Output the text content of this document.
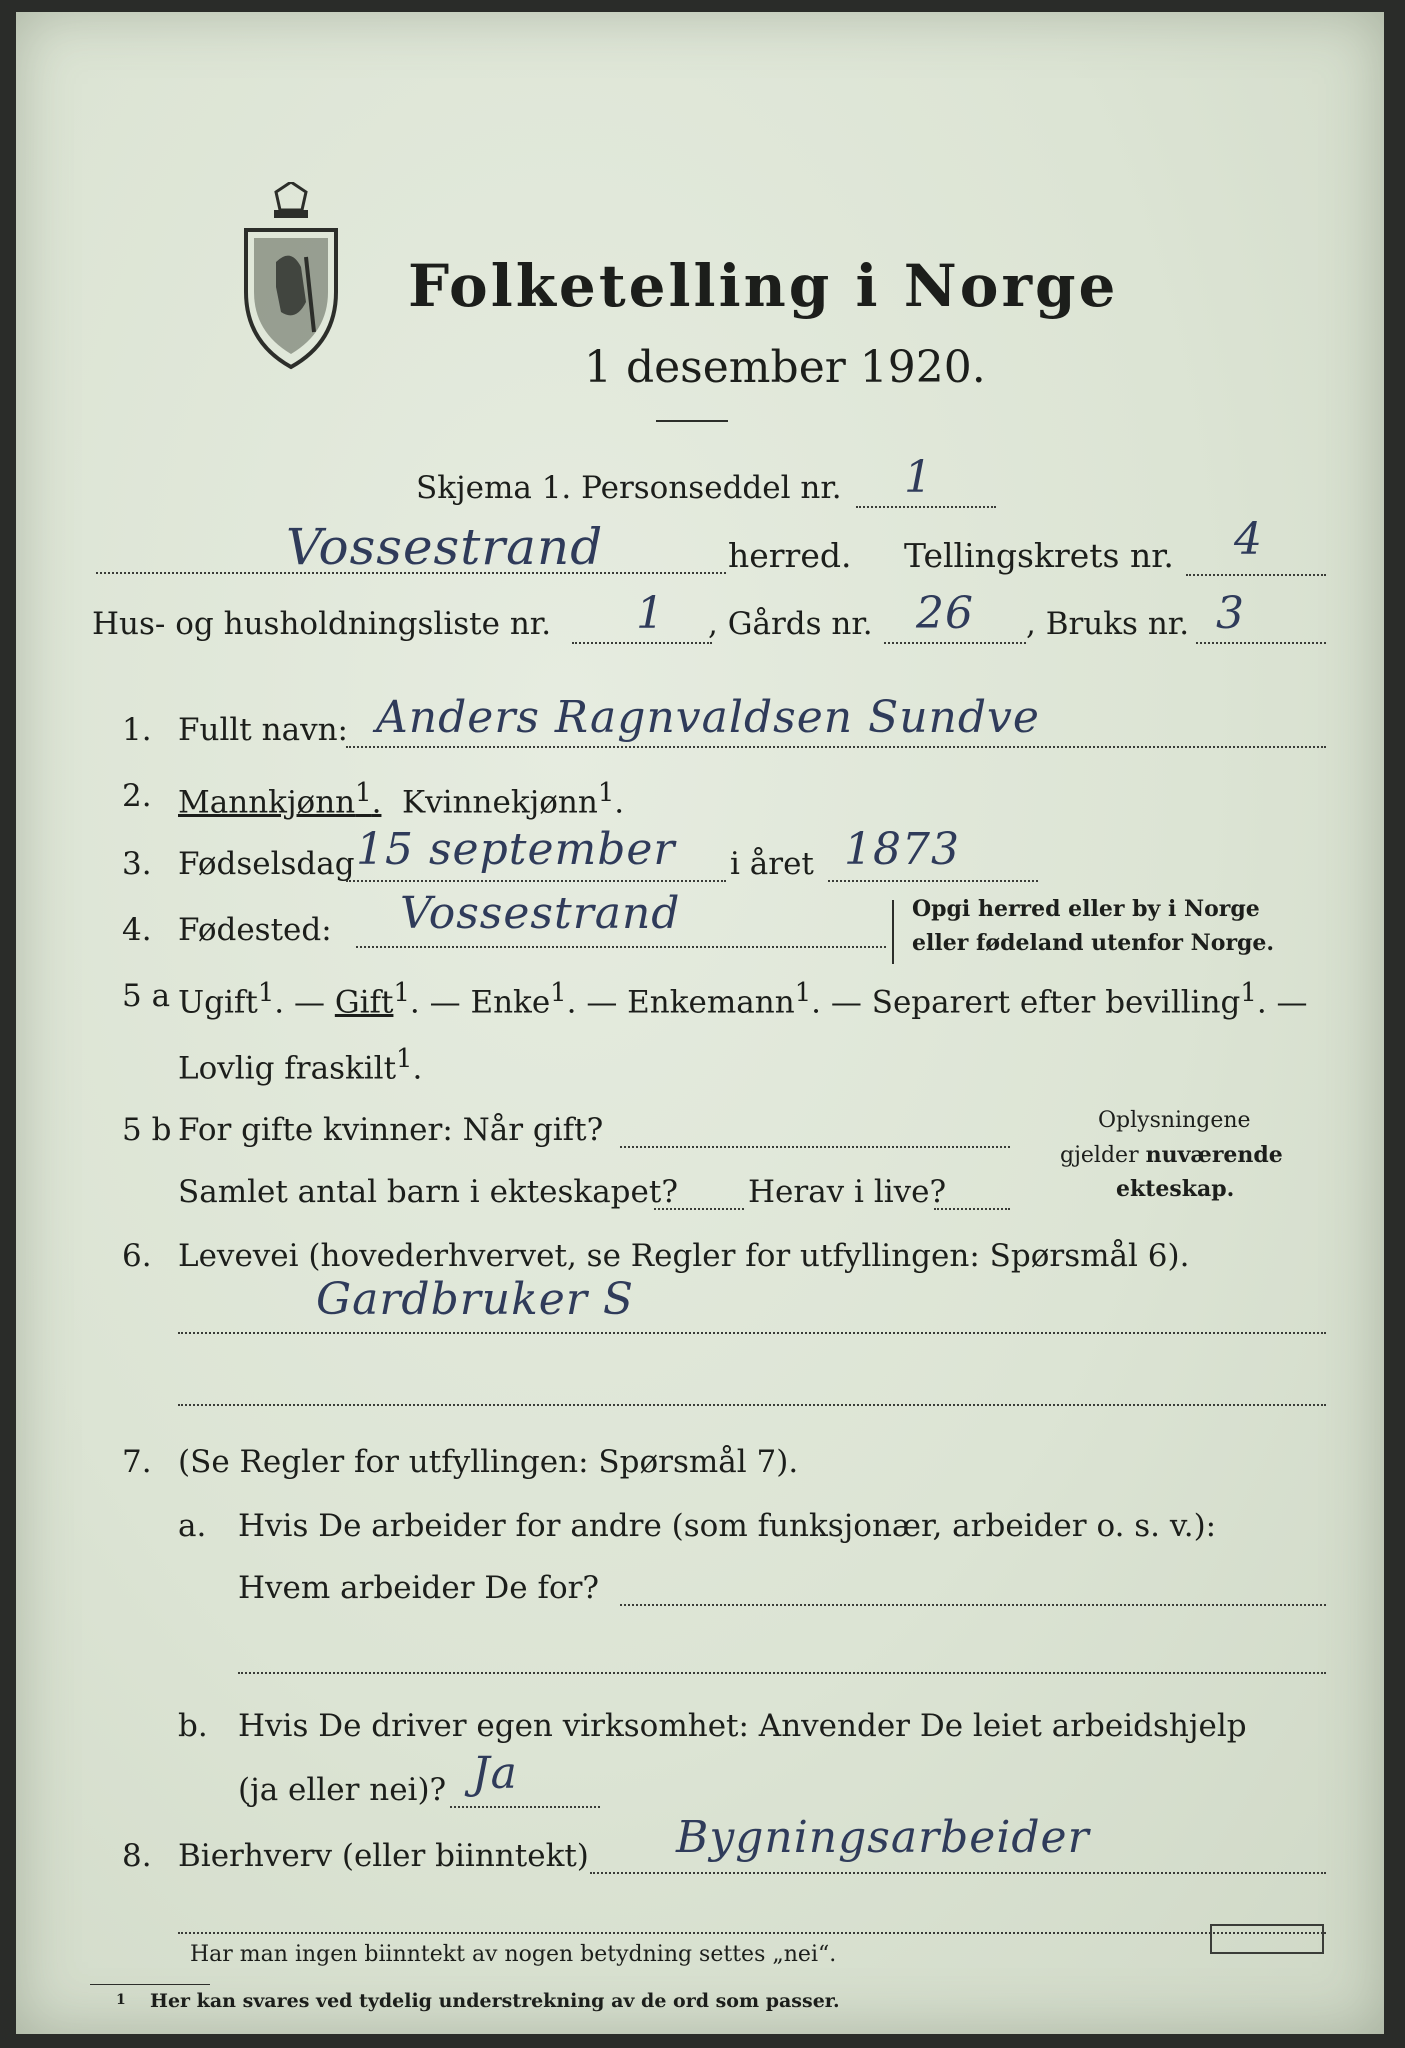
Folketelling i Norge
1 desember 1920.
Skjema 1. Personseddel nr. 1
Vossestrand	herred. Tellingskrets nr. 4
Hus- og husholdningsliste nr. 1 , Gårds nr. 26 , Bruks nr. 3
1. Fullt navn: Anders Ragnvaldsen Sundve
2. Mannkjønn$^1$. Kvinnekjønn$^1$.
3. Fødselsdag 15 september i året 1873
4. Fødested: Vossestrand	Opgi herred eller by i Norge
eller fødeland utenfor Norge.
5 a Ugift$^1$. — Gift$^1$. — Enke$^1$. — Enkemann$^1$. — Separert efter bevilling$^1$. —
Lovlig fraskilt$^1$.
5 b For gifte kvinner: Når gift?
Samlet antal barn i ekteskapet? Herav i live?
Oplysningene
gjelder nuværende
ekteskap.
6. Levevei (hovederhvervet, se Regler for utfyllingen: Spørsmål 6).
Gardbruker S
7. (Se Regler for utfyllingen: Spørsmål 7).
a. Hvis De arbeider for andre (som funksjonær, arbeider o. s. v.):
Hvem arbeider De for?
b. Hvis De driver egen virksomhet: Anvender De leiet arbeidshjelp
(ja eller nei)? Ja
8. Bierhverv (eller biinntekt) Bygningsarbeider
Har man ingen biinntekt av nogen betydning settes „nei“.
1 Her kan svares ved tydelig understrekning av de ord som passer.
